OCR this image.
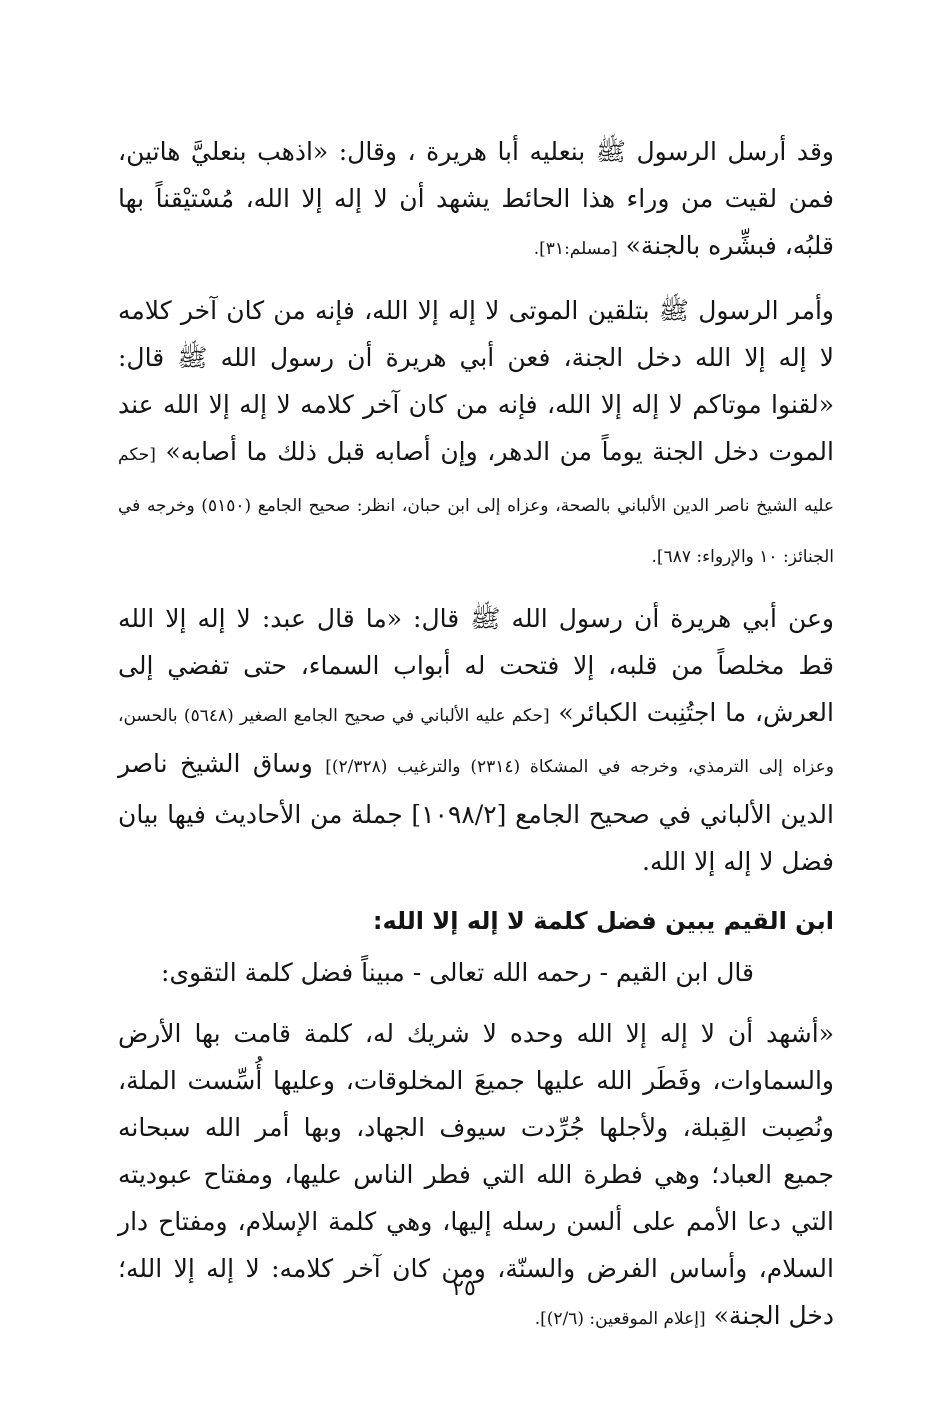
وقد أرسل الرسول ﷺ بنعليه أبا هريرة ، وقال: «اذهب بنعليَّ هاتين، فمن لقيت من وراء هذا الحائط يشهد أن لا إله إلا الله، مُسْتيْقناً بها قلبُه، فبشِّره بالجنة» [مسلم:٣١].

وأمر الرسول ﷺ بتلقين الموتى لا إله إلا الله، فإنه من كان آخر كلامه لا إله إلا الله دخل الجنة، فعن أبي هريرة أن رسول الله ﷺ قال: «لقنوا موتاكم لا إله إلا الله، فإنه من كان آخر كلامه لا إله إلا الله عند الموت دخل الجنة يوماً من الدهر، وإن أصابه قبل ذلك ما أصابه» [حكم عليه الشيخ ناصر الدين الألباني بالصحة، وعزاه إلى ابن حبان، انظر: صحيح الجامع (٥١٥٠) وخرجه في الجنائز: ١٠ والإرواء: ٦٨٧].

وعن أبي هريرة أن رسول الله ﷺ قال: «ما قال عبد: لا إله إلا الله قط مخلصاً من قلبه، إلا فتحت له أبواب السماء، حتى تفضي إلى العرش، ما اجتُنِبت الكبائر» [حكم عليه الألباني في صحيح الجامع الصغير (٥٦٤٨) بالحسن، وعزاه إلى الترمذي، وخرجه في المشكاة (٢٣١٤) والترغيب (٢/٣٢٨)] وساق الشيخ ناصر الدين الألباني في صحيح الجامع [١٠٩٨/٢] جملة من الأحاديث فيها بيان فضل لا إله إلا الله.

ابن القيم يبين فضل كلمة لا إله إلا الله:

قال ابن القيم - رحمه الله تعالى - مبيناً فضل كلمة التقوى:

«أشهد أن لا إله إلا الله وحده لا شريك له، كلمة قامت بها الأرض والسماوات، وفَطَر الله عليها جميعَ المخلوقات، وعليها أُسِّست الملة، ونُصِبت القِبلة، ولأجلها جُرِّدت سيوف الجهاد، وبها أمر الله سبحانه جميع العباد؛ وهي فطرة الله التي فطر الناس عليها، ومفتاح عبوديته التي دعا الأمم على ألسن رسله إليها، وهي كلمة الإسلام، ومفتاح دار السلام، وأساس الفرض والسنّة، ومن كان آخر كلامه: لا إله إلا الله؛ دخل الجنة» [إعلام الموقعين: (٢/٦)].

٢٥
